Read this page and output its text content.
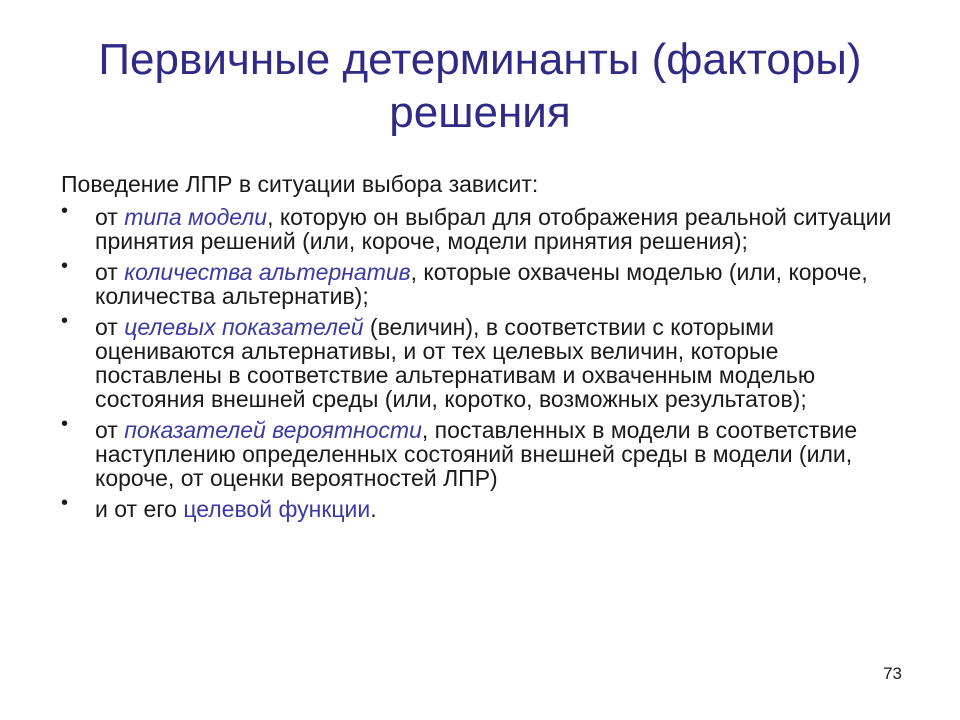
Первичные детерминанты (факторы)
решения

Поведение ЛПР в ситуации выбора зависит:

• от типа модели, которую он выбрал для отображения реальной ситуации принятия решений (или, короче, модели принятия решения);
• от количества альтернатив, которые охвачены моделью (или, короче, количества альтернатив);
• от целевых показателей (величин), в соответствии с которыми оцениваются альтернативы, и от тех целевых величин, которые поставлены в соответствие альтернативам и охваченным моделью состояния внешней среды (или, коротко, возможных результатов);
• от показателей вероятности, поставленных в модели в соответствие наступлению определенных состояний внешней среды в модели (или, короче, от оценки вероятностей ЛПР)
• и от его целевой функции.
73
